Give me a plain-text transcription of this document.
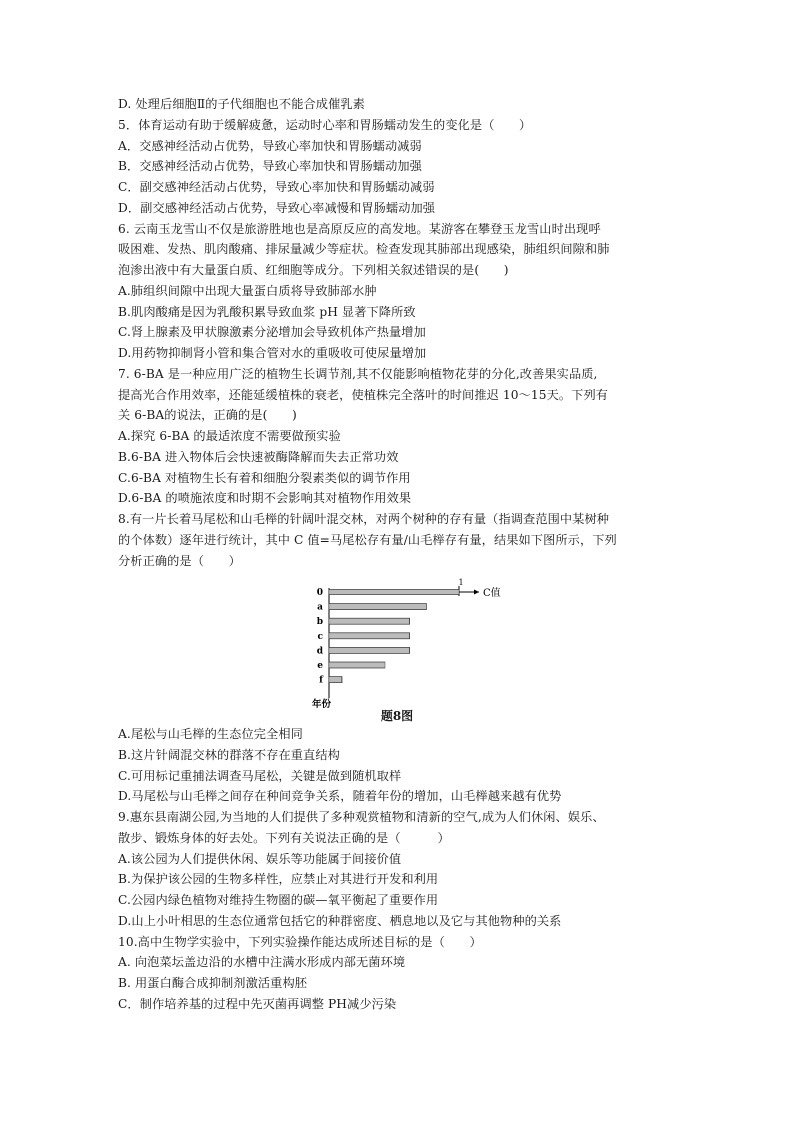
D. 处理后细胞Ⅱ的子代细胞也不能合成催乳素
5．体育运动有助于缓解疲惫，运动时心率和胃肠蠕动发生的变化是（　　）
A．交感神经活动占优势，导致心率加快和胃肠蠕动减弱
B．交感神经活动占优势，导致心率加快和胃肠蠕动加强
C．副交感神经活动占优势，导致心率加快和胃肠蠕动减弱
D．副交感神经活动占优势，导致心率减慢和胃肠蠕动加强
6. 云南玉龙雪山不仅是旅游胜地也是高原反应的高发地。某游客在攀登玉龙雪山时出现呼
吸困难、发热、肌肉酸痛、排尿量减少等症状。检查发现其肺部出现感染，肺组织间隙和肺
泡渗出液中有大量蛋白质、红细胞等成分。下列相关叙述错误的是(　　)
A.肺组织间隙中出现大量蛋白质将导致肺部水肿
B.肌肉酸痛是因为乳酸积累导致血浆 pH 显著下降所致
C.肾上腺素及甲状腺激素分泌增加会导致机体产热量增加
D.用药物抑制肾小管和集合管对水的重吸收可使尿量增加
7. 6-BA 是一种应用广泛的植物生长调节剂,其不仅能影响植物花芽的分化,改善果实品质,
提高光合作用效率，还能延缓植株的衰老，使植株完全落叶的时间推迟 10～15天。下列有
关 6-BA的说法，正确的是(　　)
A.探究 6-BA 的最适浓度不需要做预实验
B.6-BA 进入物体后会快速被酶降解而失去正常功效
C.6-BA 对植物生长有着和细胞分裂素类似的调节作用
D.6-BA 的喷施浓度和时期不会影响其对植物作用效果
8.有一片长着马尾松和山毛榉的针阔叶混交林，对两个树种的存有量（指调查范围中某树种
的个体数）逐年进行统计，其中 C 值=马尾松存有量/山毛榉存有量，结果如下图所示，下列
分析正确的是（　　）
0
1
C值
a
b
c
d
e
f
年份
题8图
A.尾松与山毛榉的生态位完全相同
B.这片针阔混交林的群落不存在重直结构
C.可用标记重捕法调查马尾松，关键是做到随机取样
D.马尾松与山毛榉之间存在种间竞争关系，随着年份的增加，山毛榉越来越有优势
9.惠东县南湖公园,为当地的人们提供了多种观赏植物和清新的空气,成为人们休闲、娱乐、
散步、锻炼身体的好去处。下列有关说法正确的是（　　　）
A.该公园为人们提供休闲、娱乐等功能属于间接价值
B.为保护该公园的生物多样性，应禁止对其进行开发和利用
C.公园内绿色植物对维持生物圈的碳—氧平衡起了重要作用
D.山上小叶相思的生态位通常包括它的种群密度、栖息地以及它与其他物种的关系
10.高中生物学实验中，下列实验操作能达成所述目标的是（　　）
A. 向泡菜坛盖边沿的水槽中注满水形成内部无菌环境
B. 用蛋白酶合成抑制剂激活重构胚
C．制作培养基的过程中先灭菌再调整 PH减少污染
